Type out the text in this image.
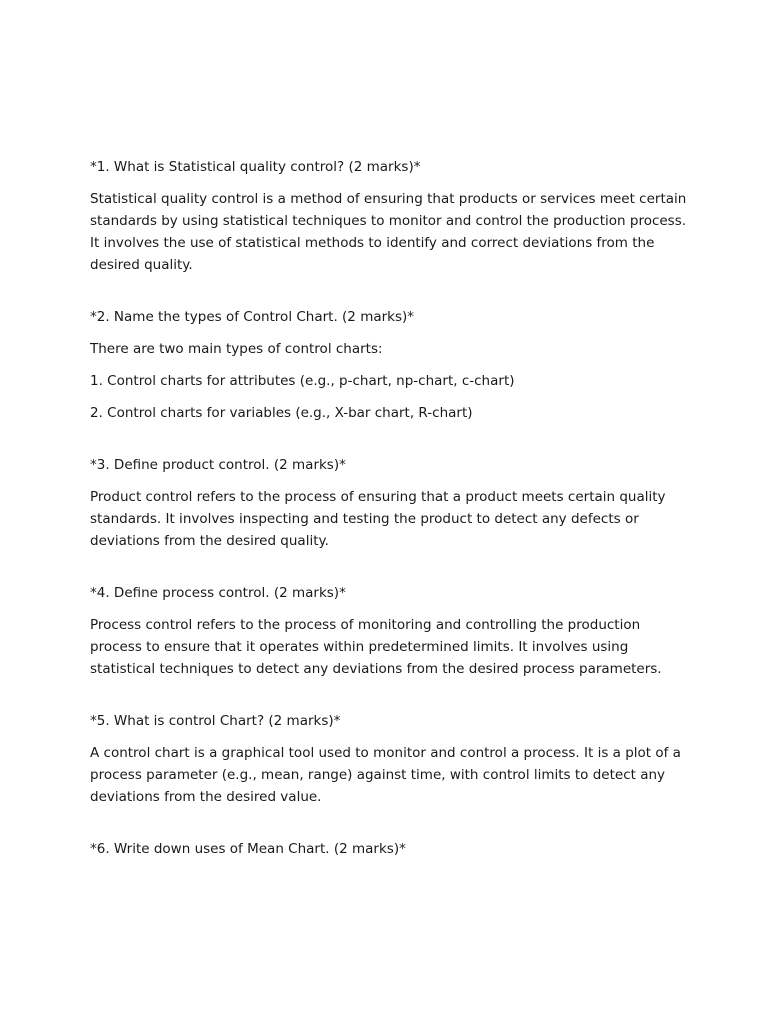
*1. What is Statistical quality control? (2 marks)*
Statistical quality control is a method of ensuring that products or services meet certain standards by using statistical techniques to monitor and control the production process. It involves the use of statistical methods to identify and correct deviations from the desired quality.
*2. Name the types of Control Chart. (2 marks)*
There are two main types of control charts:
1. Control charts for attributes (e.g., p-chart, np-chart, c-chart)
2. Control charts for variables (e.g., X-bar chart, R-chart)
*3. Define product control. (2 marks)*
Product control refers to the process of ensuring that a product meets certain quality standards. It involves inspecting and testing the product to detect any defects or deviations from the desired quality.
*4. Define process control. (2 marks)*
Process control refers to the process of monitoring and controlling the production process to ensure that it operates within predetermined limits. It involves using statistical techniques to detect any deviations from the desired process parameters.
*5. What is control Chart? (2 marks)*
A control chart is a graphical tool used to monitor and control a process. It is a plot of a process parameter (e.g., mean, range) against time, with control limits to detect any deviations from the desired value.
*6. Write down uses of Mean Chart. (2 marks)*
